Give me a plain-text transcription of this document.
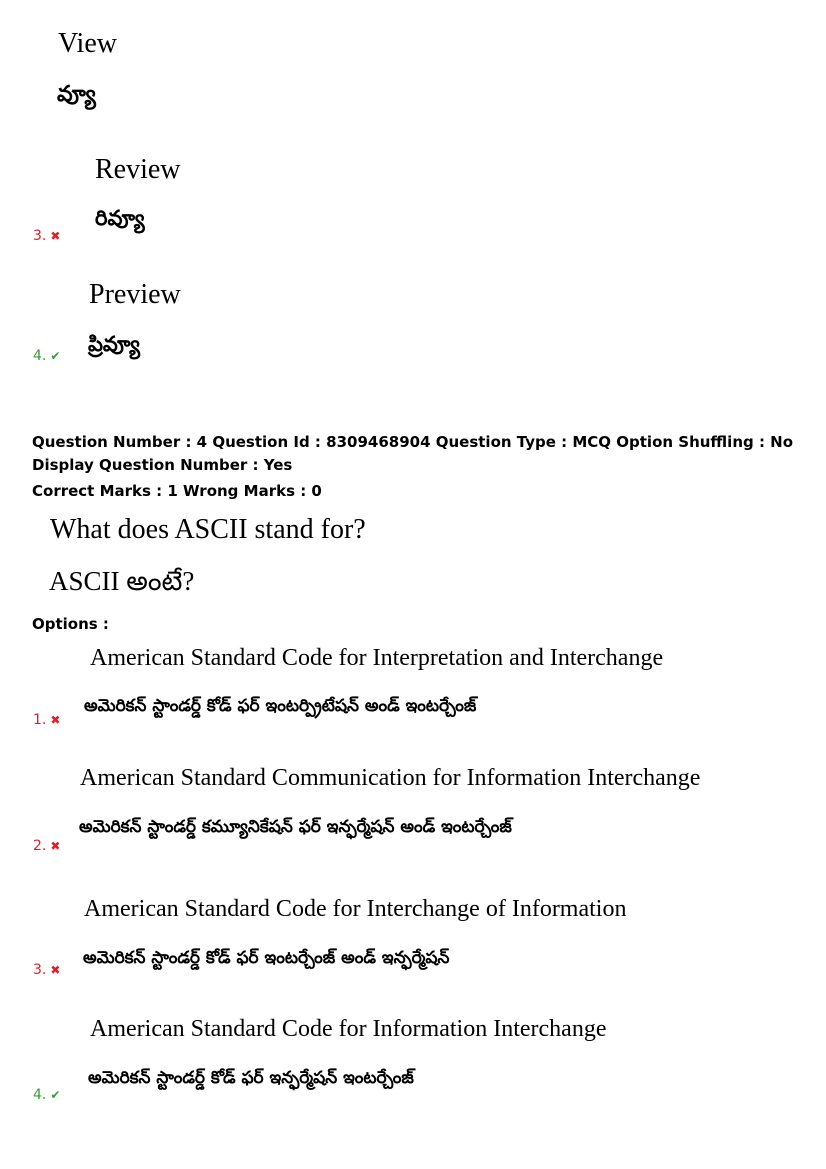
View
వ్యూ
Review
రివ్యూ
3. ✖
Preview
ప్రివ్యూ
4. ✔
Question Number : 4 Question Id : 8309468904 Question Type : MCQ Option Shuffling : No
Display Question Number : Yes
Correct Marks : 1 Wrong Marks : 0
What does ASCII stand for?
ASCII అంటే?
Options :
American Standard Code for Interpretation and Interchange
అమెరికన్ స్టాండర్డ్ కోడ్ ఫర్ ఇంటర్ప్రిటేషన్ అండ్ ఇంటర్చేంజ్
1. ✖
American Standard Communication for Information Interchange
అమెరికన్ స్టాండర్డ్ కమ్యూనికేషన్ ఫర్ ఇన్ఫర్మేషన్ అండ్ ఇంటర్చేంజ్
2. ✖
American Standard Code for Interchange of Information
అమెరికన్ స్టాండర్డ్ కోడ్ ఫర్ ఇంటర్చేంజ్ అండ్ ఇన్ఫర్మేషన్
3. ✖
American Standard Code for Information Interchange
అమెరికన్ స్టాండర్డ్ కోడ్ ఫర్ ఇన్ఫర్మేషన్ ఇంటర్చేంజ్
4. ✔
